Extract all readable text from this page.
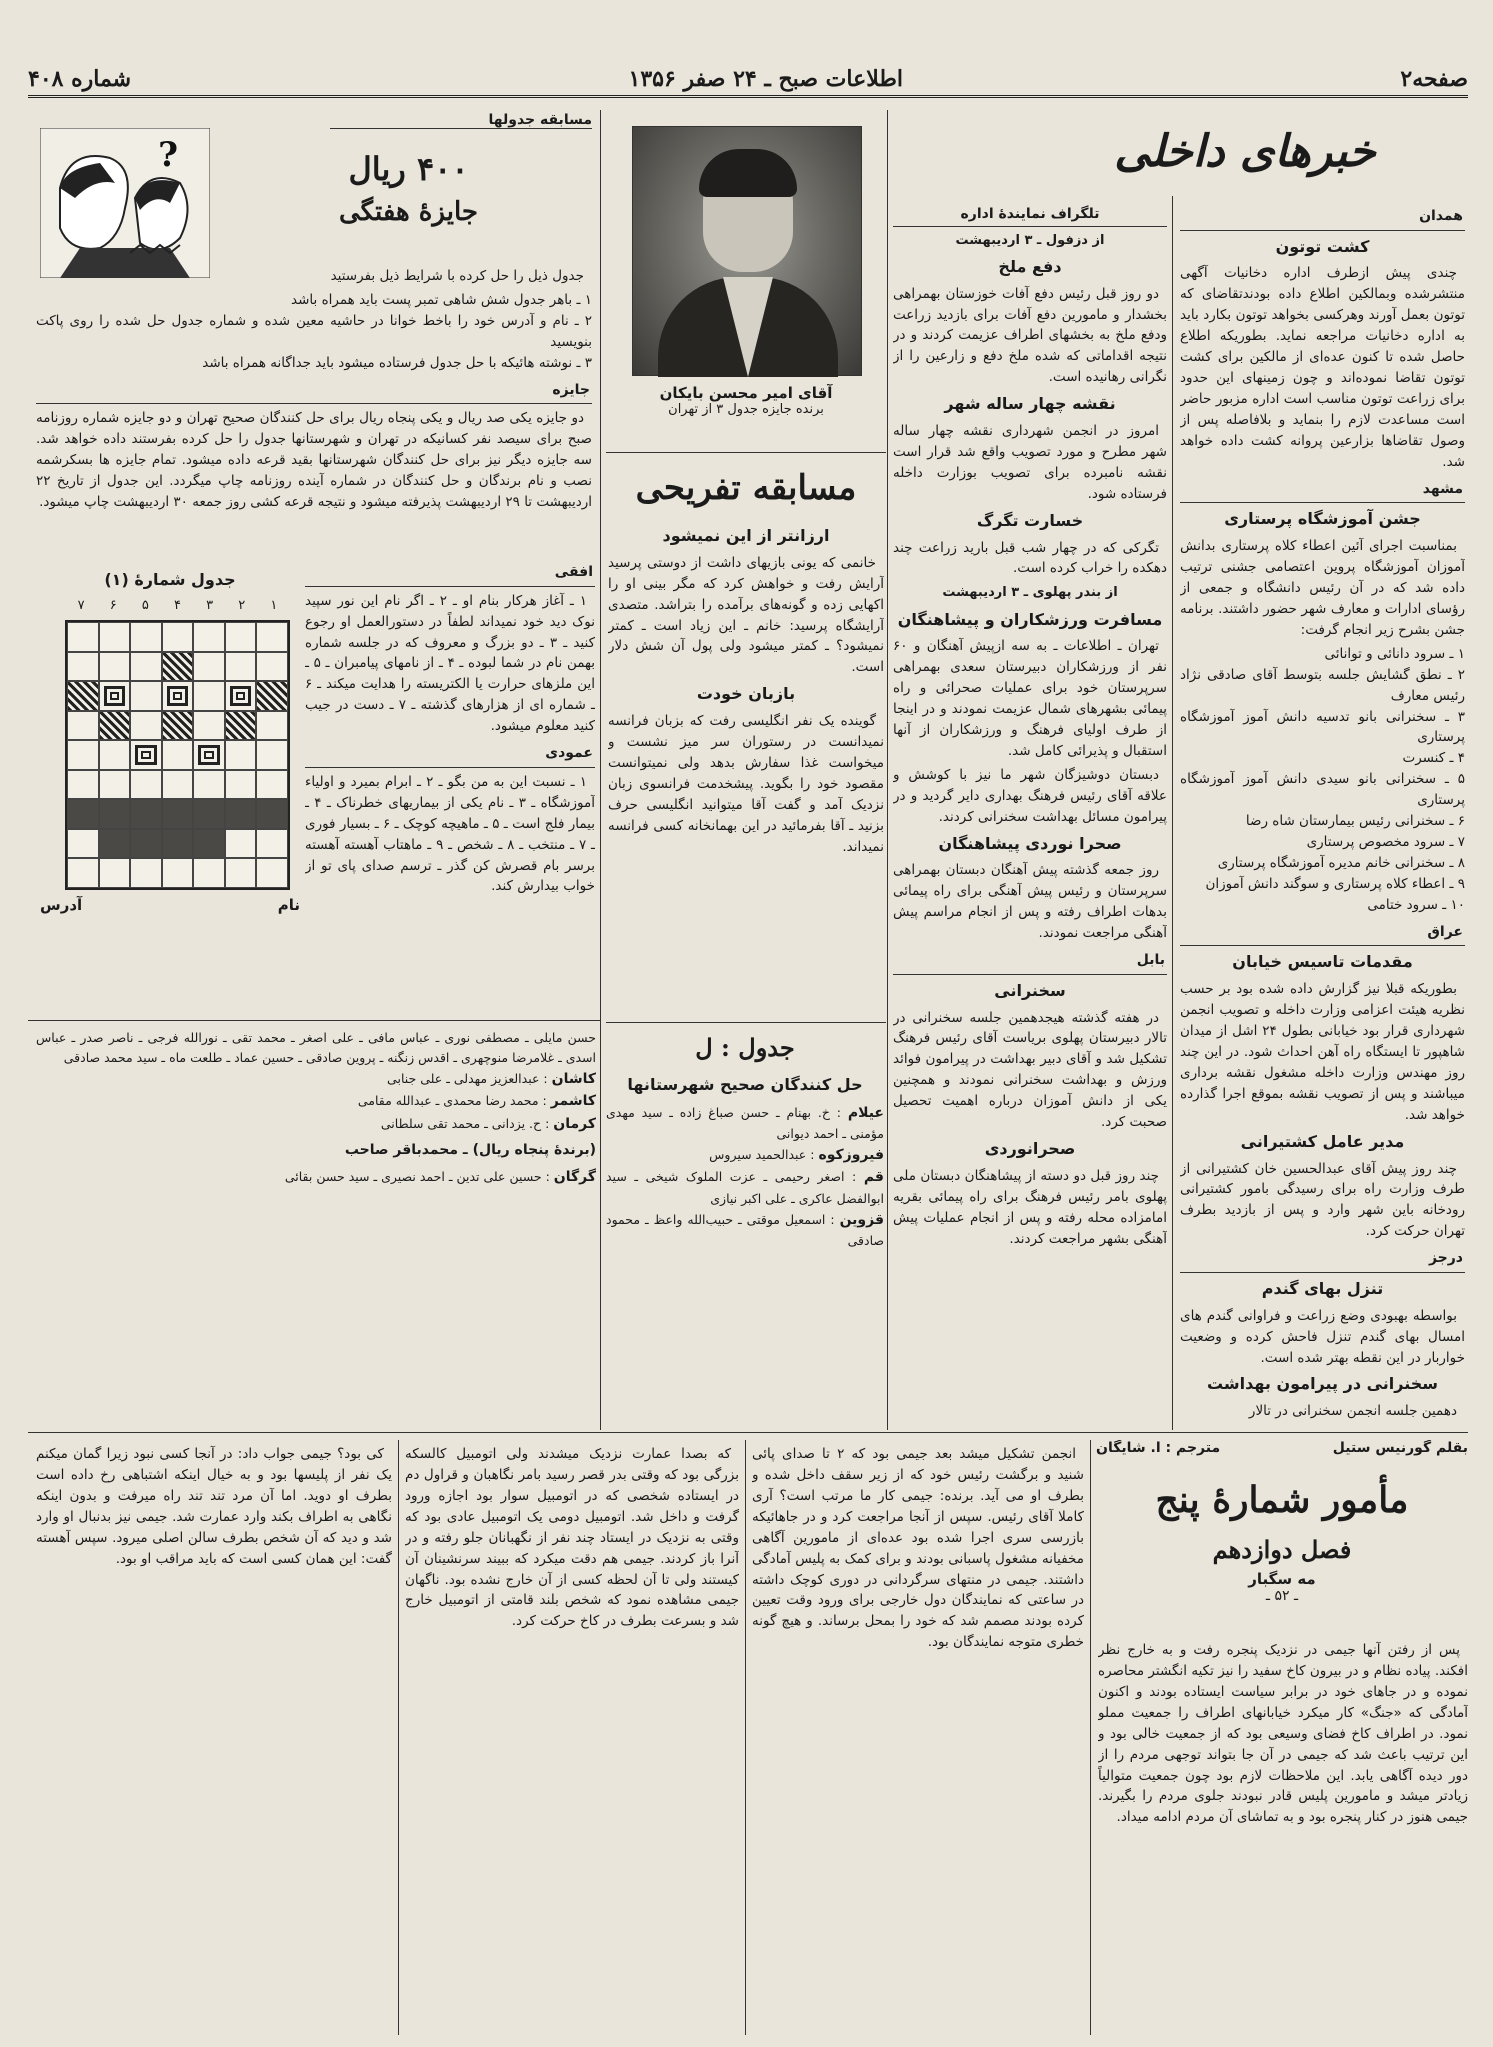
صفحه۲
اطلاعات صبح ـ ۲۴ صفر ۱۳۵۶
شماره ۴۰۸
خبرهای داخلی
همدان
کشت توتون

چندی پیش ازطرف اداره دخانیات آگهی منتشرشده وبمالکین اطلاع داده بودندتقاضای که توتون بعمل آورند وهرکسی بخواهد توتون بکارد باید به اداره دخانیات مراجعه نماید. بطوریکه اطلاع حاصل شده تا کنون عده‌ای از مالکین برای کشت توتون تقاضا نموده‌اند و چون زمینهای این حدود برای زراعت توتون مناسب است اداره مزبور حاضر است مساعدت لازم را بنماید و بلافاصله پس از وصول تقاضاها بزارعین پروانه کشت داده خواهد شد.

مشهد
جشن آموزشگاه پرستاری

بمناسبت اجرای آئین اعطاء کلاه پرستاری بدانش آموزان آموزشگاه پروین اعتصامی جشنی ترتیب داده شد که در آن رئیس دانشگاه و جمعی از رؤسای ادارات و معارف شهر حضور داشتند. برنامه جشن بشرح زیر انجام گرفت:

۱ ـ سرود دانائی و توانائی
۲ ـ نطق گشایش جلسه بتوسط آقای صادقی نژاد رئیس معارف
۳ ـ سخنرانی بانو تدسیه دانش آموز آموزشگاه پرستاری
۴ ـ کنسرت
۵ ـ سخنرانی بانو سیدی دانش آموز آموزشگاه پرستاری
۶ ـ سخنرانی رئیس بیمارستان شاه رضا
۷ ـ سرود مخصوص پرستاری
۸ ـ سخنرانی خانم مدیره آموزشگاه پرستاری
۹ ـ اعطاء کلاه پرستاری و سوگند دانش آموزان
۱۰ ـ سرود ختامی
عراق
مقدمات تاسیس خیابان

بطوریکه قبلا نیز گزارش داده شده بود بر حسب نظریه هیئت اعزامی وزارت داخله و تصویب انجمن شهرداری قرار بود خیابانی بطول ۲۴ اشل از میدان شاهپور تا ایستگاه راه آهن احداث شود. در این چند روز مهندس وزارت داخله مشغول نقشه برداری میباشند و پس از تصویب نقشه بموقع اجرا گذارده خواهد شد.

مدیر عامل کشتیرانی

چند روز پیش آقای عبدالحسین خان کشتیرانی از طرف وزارت راه برای رسیدگی بامور کشتیرانی رودخانه باین شهر وارد و پس از بازدید بطرف تهران حرکت کرد.

درجز
تنزل بهای گندم

بواسطه بهبودی وضع زراعت و فراوانی گندم های امسال بهای گندم تنزل فاحش کرده و وضعیت خواربار در این نقطه بهتر شده است.

سخنرانی در پیرامون بهداشت

دهمین جلسه انجمن سخنرانی در تالار

تلگراف نمایندهٔ اداره
از دزفول ـ ۳ اردیبهشت
دفع ملخ

دو روز قبل رئیس دفع آفات خوزستان بهمراهی بخشدار و مامورین دفع آفات برای بازدید زراعت ودفع ملخ به بخشهای اطراف عزیمت کردند و در نتیجه اقداماتی که شده ملخ دفع و زارعین را از نگرانی رهانیده است.

نقشه چهار ساله شهر

امروز در انجمن شهرداری نقشه چهار ساله شهر مطرح و مورد تصویب واقع شد قرار است نقشه نامبرده برای تصویب بوزارت داخله فرستاده شود.

خسارت تگرگ

تگرکی که در چهار شب قبل بارید زراعت چند دهکده را خراب کرده است.

از بندر پهلوی ـ ۳ اردیبهشت
مسافرت ورزشکاران و پیشاهنگان

تهران ـ اطلاعات ـ به سه ازپیش آهنگان و ۶۰ نفر از ورزشکاران دبیرستان سعدی بهمراهی سرپرستان خود برای عملیات صحرائی و راه پیمائی بشهرهای شمال عزیمت نمودند و در اینجا از طرف اولیای فرهنگ و ورزشکاران از آنها استقبال و پذیرائی کامل شد.

دبستان دوشیزگان شهر ما نیز با کوشش و علاقه آقای رئیس فرهنگ بهداری دایر گردید و در پیرامون مسائل بهداشت سخنرانی کردند.

صحرا نوردی پیشاهنگان

روز جمعه گذشته پیش آهنگان دبستان بهمراهی سرپرستان و رئیس پیش آهنگی برای راه پیمائی بدهات اطراف رفته و پس از انجام مراسم پیش آهنگی مراجعت نمودند.

بابل
سخنرانی

در هفته گذشته هیجدهمین جلسه سخنرانی در تالار دبیرستان پهلوی بریاست آقای رئیس فرهنگ تشکیل شد و آقای دبیر بهداشت در پیرامون فوائد ورزش و بهداشت سخنرانی نمودند و همچنین یکی از دانش آموزان درباره اهمیت تحصیل صحبت کرد.

صحرانوردی

چند روز قبل دو دسته از پیشاهنگان دبستان ملی پهلوی بامر رئیس فرهنگ برای راه پیمائی بقریه امامزاده محله رفته و پس از انجام عملیات پیش آهنگی بشهر مراجعت کردند.

آقای امیر محسن بایکان
برنده جایزه جدول ۳ از تهران
مسابقه تفریحی
ارزانتر از این نمیشود

خانمی که یونی بازیهای داشت از دوستی پرسید آرایش رفت و خواهش کرد که مگر بینی او را اکهایی زده و گونه‌های برآمده را بتراشد. متصدی آرایشگاه پرسید: خانم ـ این زیاد است ـ کمتر نمیشود؟ ـ کمتر میشود ولی پول آن شش دلار است.

بازبان خودت

گوینده یک نفر انگلیسی رفت که بزبان فرانسه نمیدانست در رستوران سر میز نشست و میخواست غذا سفارش بدهد ولی نمیتوانست مقصود خود را بگوید. پیشخدمت فرانسوی زبان نزدیک آمد و گفت آقا میتوانید انگلیسی حرف بزنید ـ آقا بفرمائید در این بهمانخانه کسی فرانسه نمیداند.

جدول : ل
حل کنندگان صحیح شهرستانها
عیلام : خ. بهنام ـ حسن صباغ زاده ـ سید مهدی مؤمنی ـ احمد دیوانی
فیروزکوه : عبدالحمید سیروس
قم : اصغر رحیمی ـ عزت الملوک شیخی ـ سید ابوالفضل عاکری ـ علی اکبر نیازی
قزوین : اسمعیل موقتی ـ حبیب‌الله واعظ ـ محمود صادقی
مسابقه جدولها
?	۴۰۰ ریال
جایزهٔ هفتگی

جدول ذیل را حل کرده با شرایط ذیل بفرستید

۱ ـ باهر جدول شش شاهی تمبر پست باید همراه باشد
۲ ـ نام و آدرس خود را باخط خوانا در حاشیه معین شده و شماره جدول حل شده را روی پاکت بنویسید
۳ ـ نوشته هائیکه با حل جدول فرستاده میشود باید جداگانه همراه باشد
جایزه

دو جایزه یکی صد ریال و یکی پنجاه ریال برای حل کنندگان صحیح تهران و دو جایزه شماره روزنامه صبح برای سیصد نفر کسانیکه در تهران و شهرستانها جدول را حل کرده بفرستند داده خواهد شد. سه جایزه دیگر نیز برای حل کنندگان شهرستانها بقید قرعه داده میشود. تمام جایزه ها بسکرشمه نصب و نام برندگان و حل کنندگان در شماره آینده روزنامه چاپ میگردد. این جدول از تاریخ ۲۲ اردیبهشت تا ۲۹ اردیبهشت پذیرفته میشود و نتیجه قرعه کشی روز جمعه ۳۰ اردیبهشت چاپ میشود.

جدول شمارهٔ (۱)
۷ ۶ ۵ ۴ ۳ ۲ ۱
نام
آدرس
افقی

۱ ـ آغاز هرکار بنام او ـ ۲ ـ اگر نام این نور سپید نوک دید خود نمیداند لطفاً در دستورالعمل او رجوع کنید ـ ۳ ـ دو بزرگ و معروف که در جلسه شماره بهمن نام در شما لبوده ـ ۴ ـ از نامهای پیامبران ـ ۵ ـ این ملزهای حرارت یا الکتریسته را هدایت میکند ـ ۶ ـ شماره ای از هزارهای گذشته ـ ۷ ـ دست در جیب کنید معلوم میشود.

عمودی

۱ ـ نسبت این به من بگو ـ ۲ ـ ابرام بمیرد و اولیاء آموزشگاه ـ ۳ ـ نام یکی از بیماریهای خطرناک ـ ۴ ـ بیمار فلج است ـ ۵ ـ ماهیچه کوچک ـ ۶ ـ بسیار فوری ـ ۷ ـ منتخب ـ ۸ ـ شخص ـ ۹ ـ ماهتاب آهسته آهسته برسر بام قصرش کن گذر ـ ترسم صدای پای تو از خواب بیدارش کند.

حسن‌ مایلی ـ مصطفی نوری ـ عباس مافی ـ علی اصغر ـ محمد تقی ـ نورالله فرجی ـ ناصر صدر ـ عباس اسدی ـ غلامرضا منوچهری ـ اقدس زنگنه ـ پروین صادقی ـ حسین عماد ـ طلعت ماه ـ سید محمد صادقی
کاشان : عبدالعزیز مهدلی ـ علی جنابی
کاشمر : محمد رضا محمدی ـ عبدالله مقامی
کرمان : ح. یزدانی ـ محمد تقی سلطانی
(برندهٔ پنجاه ریال) ـ محمدباقر صاحب
گرگان : حسین علی تدین ـ احمد نصیری ـ سید حسن بقائی
بقلم گورنیس ستیل
مترجم : ا. شایگان
مأمور شمارهٔ پنج
فصل دوازدهم
مه سگبار
ـ ۵۲ ـ

پس از رفتن آنها جیمی در نزدیک پنجره رفت و به خارج نظر افکند. پیاده نظام و در بیرون کاخ سفید را نیز تکیه انگشتر محاصره نموده و در جاهای خود در برابر سیاست ایستاده بودند و اکنون آمادگی که «جنگ» کار میکرد خیابانهای اطراف را جمعیت مملو نمود. در اطراف کاخ فضای وسیعی بود که از جمعیت خالی بود و این ترتیب باعث شد که جیمی در آن جا بتواند توجهی مردم را از دور دیده آگاهی یابد. این ملاحظات لازم بود چون جمعیت متوالیاً زیادتر میشد و مامورین پلیس قادر نبودند جلوی مردم را بگیرند. جیمی هنوز در کنار پنجره بود و به تماشای آن مردم ادامه میداد.

انجمن تشکیل میشد بعد جیمی بود که ۲ تا صدای پائی شنید و برگشت رئیس خود که از زیر سقف داخل شده و بطرف او می آید. برنده: جیمی کار ما مرتب است؟ آری کاملا آقای رئیس. سپس از آنجا مراجعت کرد و در جاهائیکه بازرسی سری اجرا شده بود عده‌ای از مامورین آگاهی مخفیانه مشغول پاسبانی بودند و برای کمک به پلیس آمادگی داشتند. جیمی در منتهای سرگردانی در دوری کوچک داشته در ساعتی که نمایندگان دول خارجی برای ورود وقت تعیین کرده بودند مصمم شد که خود را بمحل برساند. و هیچ گونه خطری متوجه نمایندگان بود.

که بصدا عمارت نزدیک میشدند ولی اتومبیل کالسکه بزرگی بود که وقتی بدر قصر رسید بامر نگاهبان و قراول دم در ایستاده شخصی که در اتومبیل سوار بود اجازه ورود گرفت و داخل شد. اتومبیل دومی یک اتومبیل عادی بود که وقتی به نزدیک در ایستاد چند نفر از نگهبانان جلو رفته و در آنرا باز کردند. جیمی هم دقت میکرد که ببیند سرنشینان آن کیستند ولی تا آن لحظه کسی از آن خارج نشده بود. ناگهان جیمی مشاهده نمود که شخص بلند قامتی از اتومبیل خارج شد و بسرعت بطرف در کاخ حرکت کرد.

کی بود؟ جیمی جواب داد: در آنجا کسی نبود زیرا گمان میکنم یک نفر از پلیسها بود و به خیال اینکه اشتباهی رخ داده است بطرف او دوید. اما آن مرد تند تند راه میرفت و بدون اینکه نگاهی به اطراف بکند وارد عمارت شد. جیمی نیز بدنبال او وارد شد و دید که آن شخص بطرف سالن اصلی میرود. سپس آهسته گفت: این همان کسی است که باید مراقب او بود.
